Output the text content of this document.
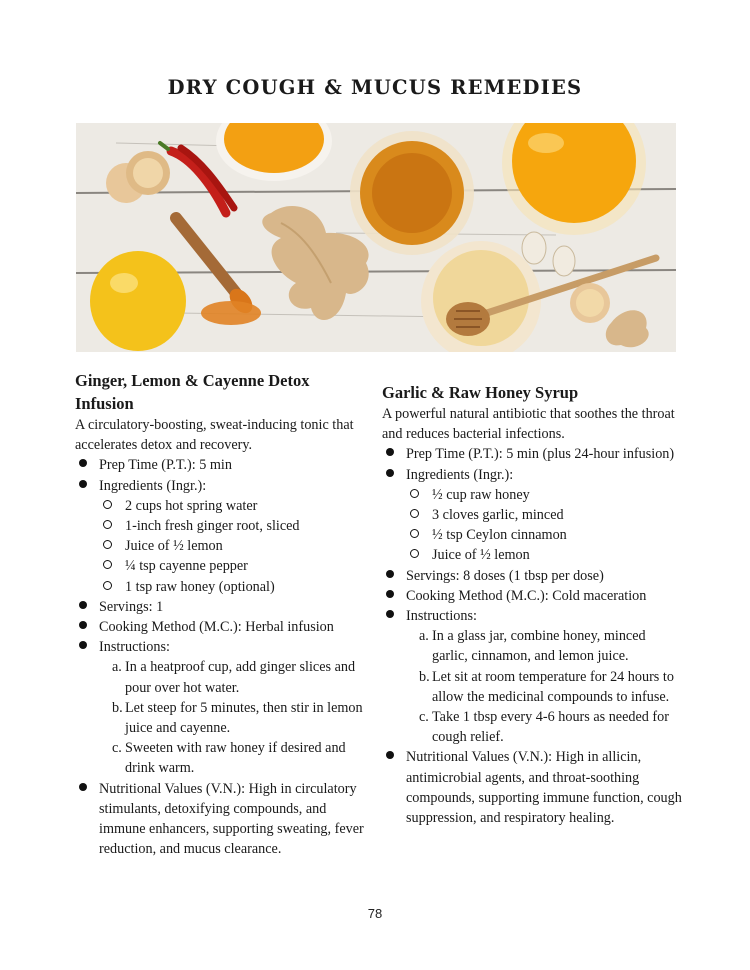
DRY COUGH & MUCUS REMEDIES
Ginger, Lemon & Cayenne Detox
Infusion
A circulatory-boosting, sweat-inducing tonic that accelerates detox and recovery.
Prep Time (P.T.): 5 min
Ingredients (Ingr.):
2 cups hot spring water
1-inch fresh ginger root, sliced
Juice of ½ lemon
¼ tsp cayenne pepper
1 tsp raw honey (optional)
Servings: 1
Cooking Method (M.C.): Herbal infusion
Instructions:
a. In a heatproof cup, add ginger slices and pour over hot water.
b. Let steep for 5 minutes, then stir in lemon juice and cayenne.
c. Sweeten with raw honey if desired and drink warm.
Nutritional Values (V.N.): High in circulatory stimulants, detoxifying compounds, and immune enhancers, supporting sweating, fever reduction, and mucus clearance.
Garlic & Raw Honey Syrup
A powerful natural antibiotic that soothes the throat and reduces bacterial infections.
Prep Time (P.T.): 5 min (plus 24-hour infusion)
Ingredients (Ingr.):
½ cup raw honey
3 cloves garlic, minced
½ tsp Ceylon cinnamon
Juice of ½ lemon
Servings: 8 doses (1 tbsp per dose)
Cooking Method (M.C.): Cold maceration
Instructions:
a. In a glass jar, combine honey, minced garlic, cinnamon, and lemon juice.
b. Let sit at room temperature for 24 hours to allow the medicinal compounds to infuse.
c. Take 1 tbsp every 4-6 hours as needed for cough relief.
Nutritional Values (V.N.): High in allicin, antimicrobial agents, and throat-soothing compounds, supporting immune function, cough suppression, and respiratory healing.
78
